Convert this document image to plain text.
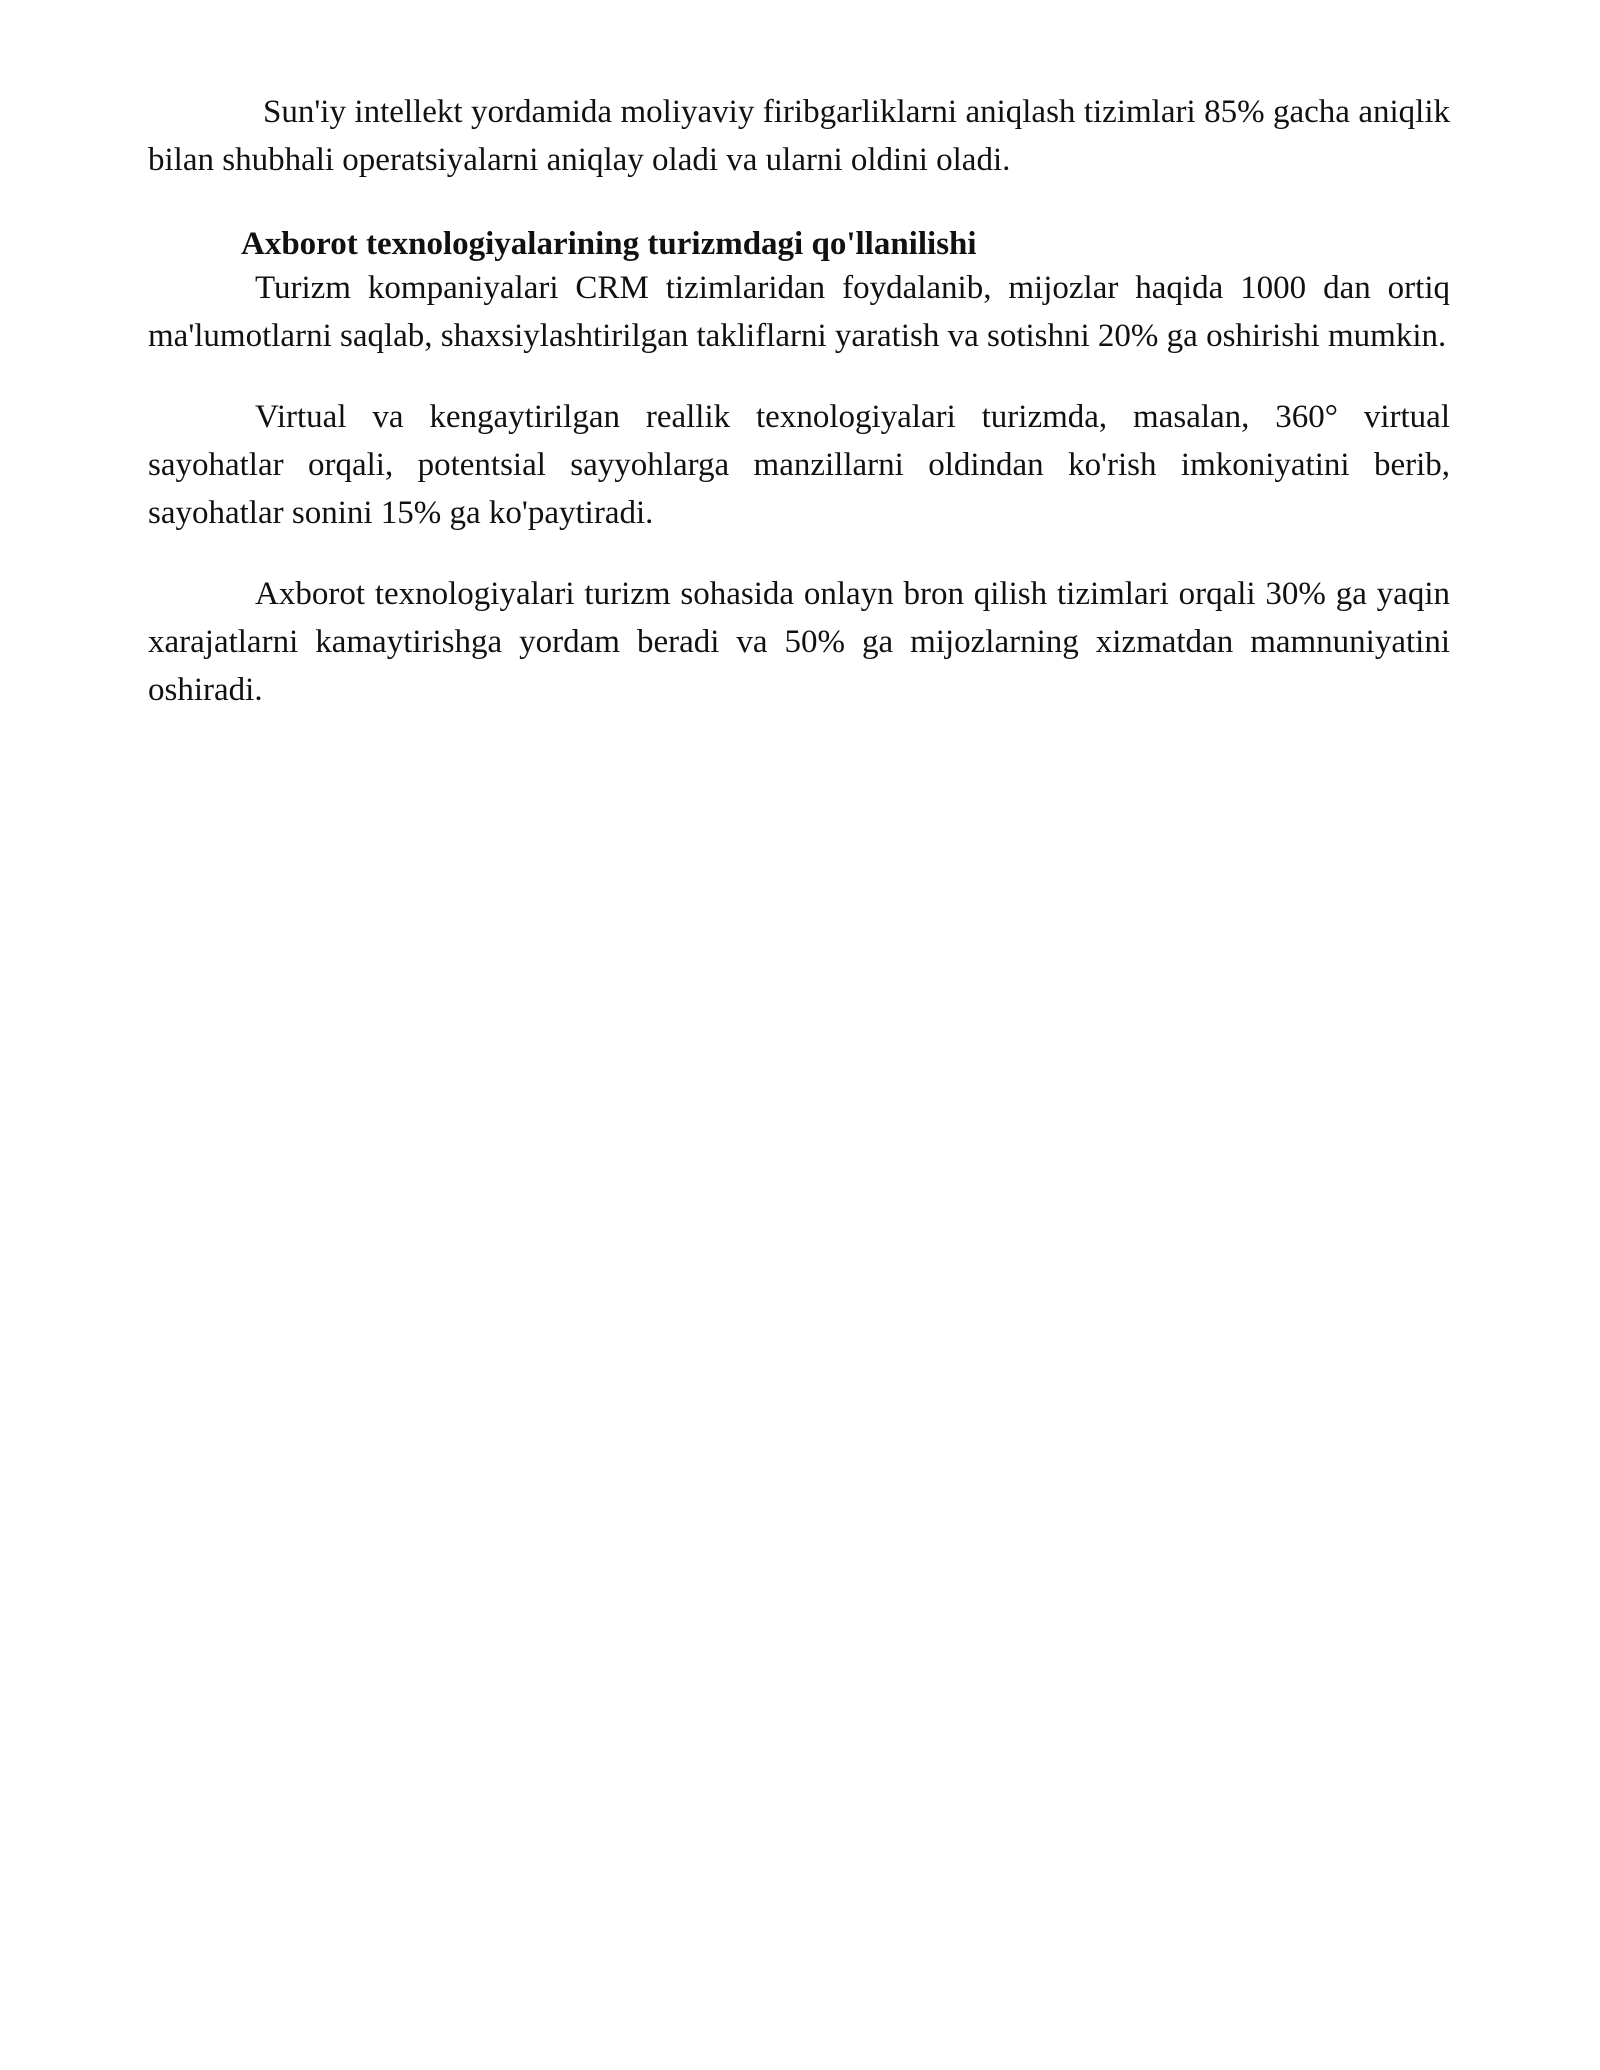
Sun'iy intellekt yordamida moliyaviy firibgarliklarni aniqlash tizimlari 85% gacha aniqlik bilan shubhali operatsiyalarni aniqlay oladi va ularni oldini oladi.

Axborot texnologiyalarining turizmdagi qo'llanilishi

Turizm kompaniyalari CRM tizimlaridan foydalanib, mijozlar haqida 1000 dan ortiq ma'lumotlarni saqlab, shaxsiylashtirilgan takliflarni yaratish va sotishni 20% ga oshirishi mumkin.

Virtual va kengaytirilgan reallik texnologiyalari turizmda, masalan, 360° virtual sayohatlar orqali, potentsial sayyohlarga manzillarni oldindan ko'rish imkoniyatini berib, sayohatlar sonini 15% ga ko'paytiradi.

Axborot texnologiyalari turizm sohasida onlayn bron qilish tizimlari orqali 30% ga yaqin xarajatlarni kamaytirishga yordam beradi va 50% ga mijozlarning xizmatdan mamnuniyatini oshiradi.
